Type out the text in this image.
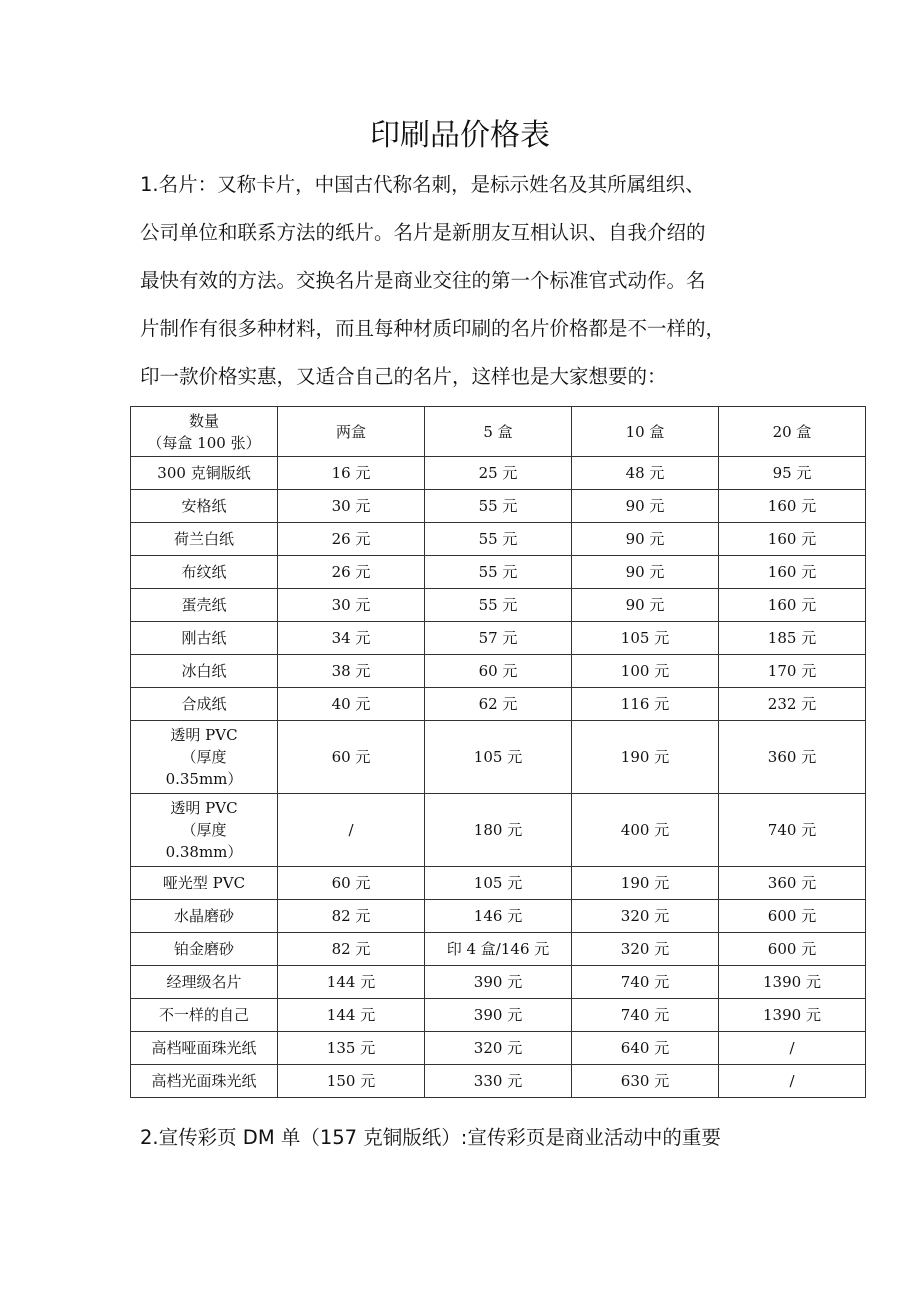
印刷品价格表

1.名片：又称卡片，中国古代称名刺，是标示姓名及其所属组织、

公司单位和联系方法的纸片。名片是新朋友互相认识、自我介绍的

最快有效的方法。交换名片是商业交往的第一个标准官式动作。名

片制作有很多种材料，而且每种材质印刷的名片价格都是不一样的，

印一款价格实惠，又适合自己的名片，这样也是大家想要的：

数量
（每盒 100 张）	两盒	5 盒	10 盒	20 盒

300 克铜版纸	16 元	25 元	48 元	95 元

安格纸	30 元	55 元	90 元	160 元

荷兰白纸	26 元	55 元	90 元	160 元

布纹纸	26 元	55 元	90 元	160 元

蛋壳纸	30 元	55 元	90 元	160 元

刚古纸	34 元	57 元	105 元	185 元

冰白纸	38 元	60 元	100 元	170 元

合成纸	40 元	62 元	116 元	232 元

透明 PVC
（厚度
0.35mm）	60 元	105 元	190 元	360 元

透明 PVC
（厚度
0.38mm）	/	180 元	400 元	740 元

哑光型 PVC	60 元	105 元	190 元	360 元

水晶磨砂	82 元	146 元	320 元	600 元

铂金磨砂	82 元	印 4 盒/146 元	320 元	600 元

经理级名片	144 元	390 元	740 元	1390 元

不一样的自己	144 元	390 元	740 元	1390 元

高档哑面珠光纸	135 元	320 元	640 元	/

高档光面珠光纸	150 元	330 元	630 元	/

2.宣传彩页 DM 单（157 克铜版纸）:宣传彩页是商业活动中的重要
